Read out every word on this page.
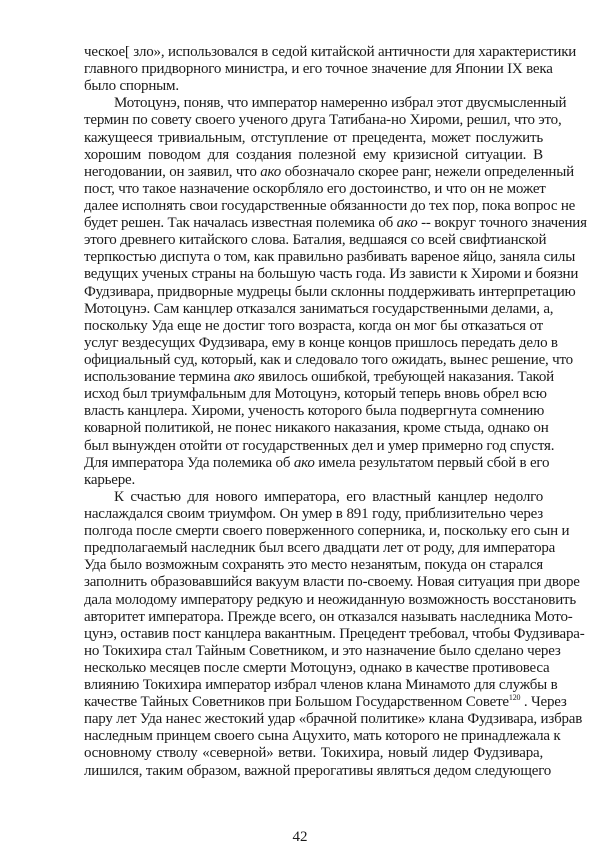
ческое[ зло», использовался в седой китайской античности для характеристики
главного придворного министра, и его точное значение для Японии IX века
было спорным.
Мотоцунэ, поняв, что император намеренно избрал этот двусмысленный
термин по совету своего ученого друга Татибана-но Хироми, решил, что это,
кажущееся тривиальным, отступление от прецедента, может послужить
хорошим поводом для создания полезной ему кризисной ситуации. В
негодовании, он заявил, что ако обозначало скорее ранг, нежели определенный
пост, что такое назначение оскорбляло его достоинство, и что он не может
далее исполнять свои государственные обязанности до тех пор, пока вопрос не
будет решен. Так началась известная полемика об ако -- вокруг точного значения
этого древнего китайского слова. Баталия, ведшаяся со всей свифтианской
терпкостью диспута о том, как правильно разбивать вареное яйцо, заняла силы
ведущих ученых страны на большую часть года. Из зависти к Хироми и боязни
Фудзивара, придворные мудрецы были склонны поддерживать интерпретацию
Мотоцунэ. Сам канцлер отказался заниматься государственными делами, а,
поскольку Уда еще не достиг того возраста, когда он мог бы отказаться от
услуг вездесущих Фудзивара, ему в конце концов пришлось передать дело в
официальный суд, который, как и следовало того ожидать, вынес решение, что
использование термина ако явилось ошибкой, требующей наказания. Такой
исход был триумфальным для Мотоцунэ, который теперь вновь обрел всю
власть канцлера. Хироми, ученость которого была подвергнута сомнению
коварной политикой, не понес никакого наказания, кроме стыда, однако он
был вынужден отойти от государственных дел и умер примерно год спустя.
Для императора Уда полемика об ако имела результатом первый сбой в его
карьере.
К счастью для нового императора, его властный канцлер недолго
наслаждался своим триумфом. Он умер в 891 году, приблизительно через
полгода после смерти своего поверженного соперника, и, поскольку его сын и
предполагаемый наследник был всего двадцати лет от роду, для императора
Уда было возможным сохранять это место незанятым, покуда он старался
заполнить образовавшийся вакуум власти по-своему. Новая ситуация при дворе
дала молодому императору редкую и неожиданную возможность восстановить
авторитет императора. Прежде всего, он отказался называть наследника Мото-
цунэ, оставив пост канцлера вакантным. Прецедент требовал, чтобы Фудзивара-
но Токихира стал Тайным Советником, и это назначение было сделано через
несколько месяцев после смерти Мотоцунэ, однако в качестве противовеса
влиянию Токихира император избрал членов клана Минамото для службы в
качестве Тайных Советников при Большом Государственном Совете$^{120}$ . Через
пару лет Уда нанес жестокий удар «брачной политике» клана Фудзивара, избрав
наследным принцем своего сына Ацухито, мать которого не принадлежала к
основному стволу «северной» ветви. Токихира, новый лидер Фудзивара,
лишился, таким образом, важной прерогативы являться дедом следующего
42
